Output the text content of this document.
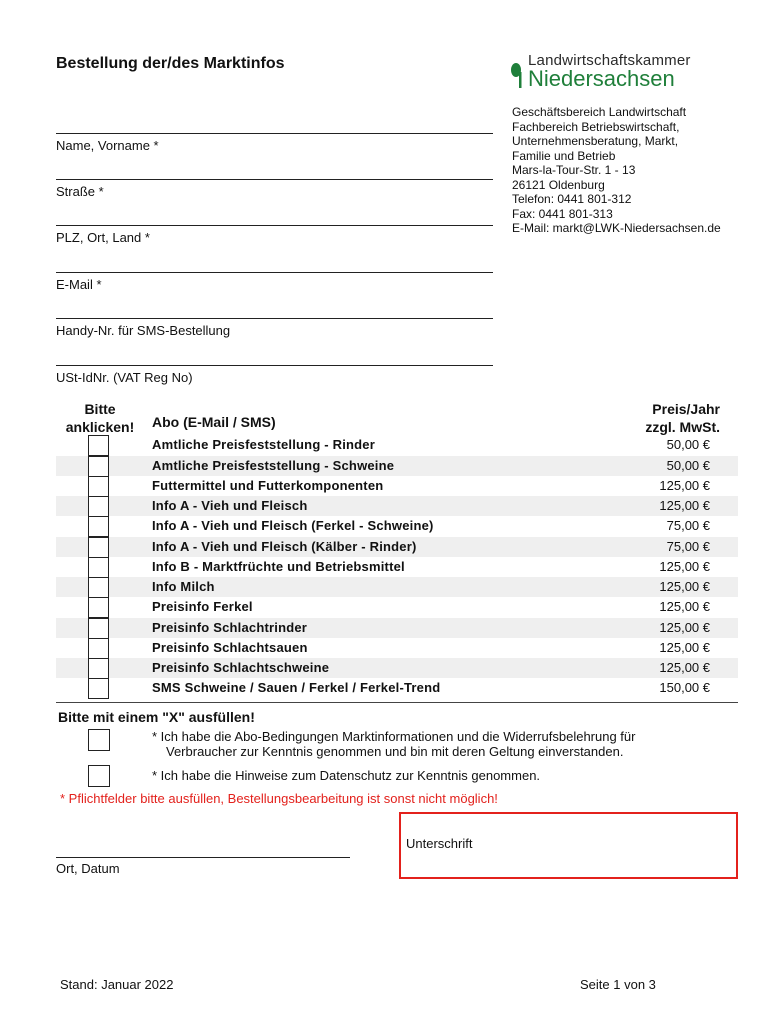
Bestellung der/des Marktinfos	Landwirtschaftskammer
Niedersachsen
Geschäftsbereich Landwirtschaft
Fachbereich Betriebswirtschaft,
Unternehmensberatung, Markt,
Familie und Betrieb
Mars-la-Tour-Str. 1 - 13
26121 Oldenburg
Telefon: 0441 801-312
Fax: 0441 801-313
E-Mail: markt@LWK-Niedersachsen.de
Name, Vorname *
Straße *
PLZ, Ort, Land *
E-Mail *
Handy-Nr. für SMS-Bestellung
USt-IdNr. (VAT Reg No)
Bitte
anklicken!	Abo (E-Mail / SMS)
Preis/Jahr
zzgl. MwSt.
Amtliche Preisfeststellung - Rinder	50,00 €
Amtliche Preisfeststellung - Schweine	50,00 €
Futtermittel und Futterkomponenten	125,00 €
Info A - Vieh und Fleisch	125,00 €
Info A - Vieh und Fleisch (Ferkel - Schweine)	75,00 €
Info A - Vieh und Fleisch (Kälber - Rinder)	75,00 €
Info B - Marktfrüchte und Betriebsmittel	125,00 €
Info Milch	125,00 €
Preisinfo Ferkel	125,00 €
Preisinfo Schlachtrinder	125,00 €
Preisinfo Schlachtsauen	125,00 €
Preisinfo Schlachtschweine	125,00 €
SMS Schweine / Sauen / Ferkel / Ferkel-Trend	150,00 €
Bitte mit einem "X" ausfüllen!
* Ich habe die Abo-Bedingungen Marktinformationen und die Widerrufsbelehrung für
Verbraucher zur Kenntnis genommen und bin mit deren Geltung einverstanden.
* Ich habe die Hinweise zum Datenschutz zur Kenntnis genommen.
* Pflichtfelder bitte ausfüllen, Bestellungsbearbeitung ist sonst nicht möglich!
Unterschrift
Ort, Datum
Stand: Januar 2022	Seite 1 von 3
